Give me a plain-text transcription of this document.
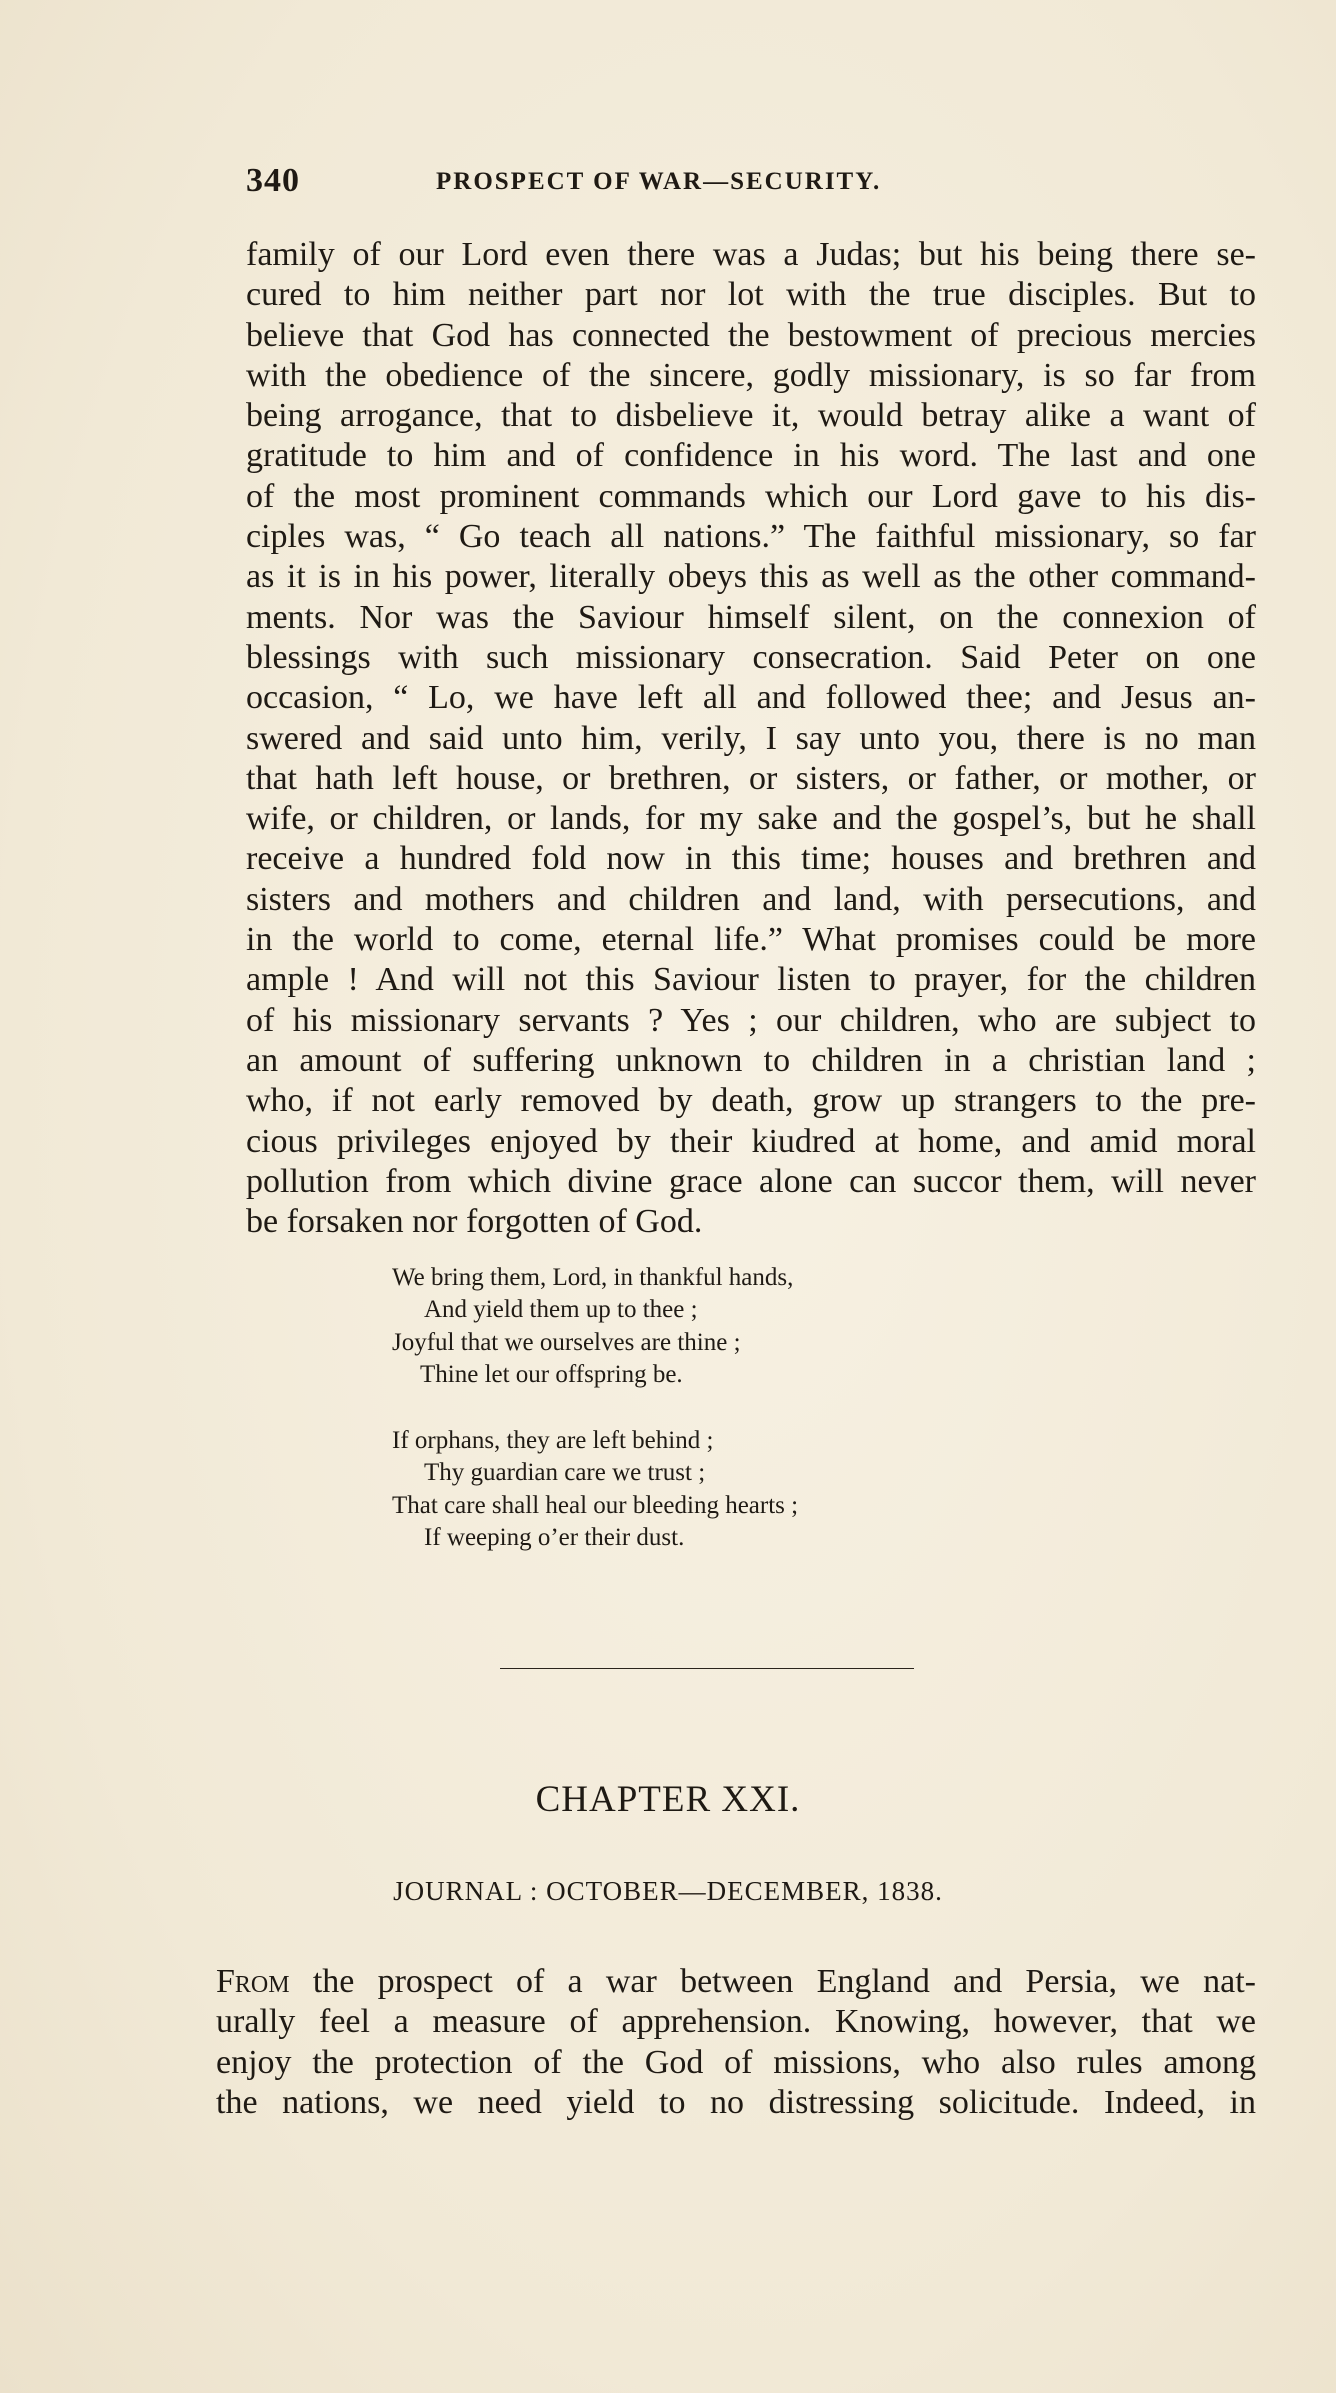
340	PROSPECT OF WAR—SECURITY.
family of our Lord even there was a Judas; but his being there se-
cured to him neither part nor lot with the true disciples. But to
believe that God has connected the bestowment of precious mercies
with the obedience of the sincere, godly missionary, is so far from
being arrogance, that to disbelieve it, would betray alike a want of
gratitude to him and of confidence in his word. The last and one
of the most prominent commands which our Lord gave to his dis-
ciples was, “ Go teach all nations.” The faithful missionary, so far
as it is in his power, literally obeys this as well as the other command-
ments. Nor was the Saviour himself silent, on the connexion of
blessings with such missionary consecration. Said Peter on one
occasion, “ Lo, we have left all and followed thee; and Jesus an-
swered and said unto him, verily, I say unto you, there is no man
that hath left house, or brethren, or sisters, or father, or mother, or
wife, or children, or lands, for my sake and the gospel’s, but he shall
receive a hundred fold now in this time; houses and brethren and
sisters and mothers and children and land, with persecutions, and
in the world to come, eternal life.” What promises could be more
ample ! And will not this Saviour listen to prayer, for the children
of his missionary servants ? Yes ; our children, who are subject to
an amount of suffering unknown to children in a christian land ;
who, if not early removed by death, grow up strangers to the pre-
cious privileges enjoyed by their kiudred at home, and amid moral
pollution from which divine grace alone can succor them, will never
be forsaken nor forgotten of God.
We bring them, Lord, in thankful hands,
And yield them up to thee ;
Joyful that we ourselves are thine ;
Thine let our offspring be.
If orphans, they are left behind ;
Thy guardian care we trust ;
That care shall heal our bleeding hearts ;
If weeping o’er their dust.
CHAPTER XXI.
JOURNAL : OCTOBER—DECEMBER, 1838.
From the prospect of a war between England and Persia, we nat-
urally feel a measure of apprehension. Knowing, however, that we
enjoy the protection of the God of missions, who also rules among
the nations, we need yield to no distressing solicitude. Indeed, in
